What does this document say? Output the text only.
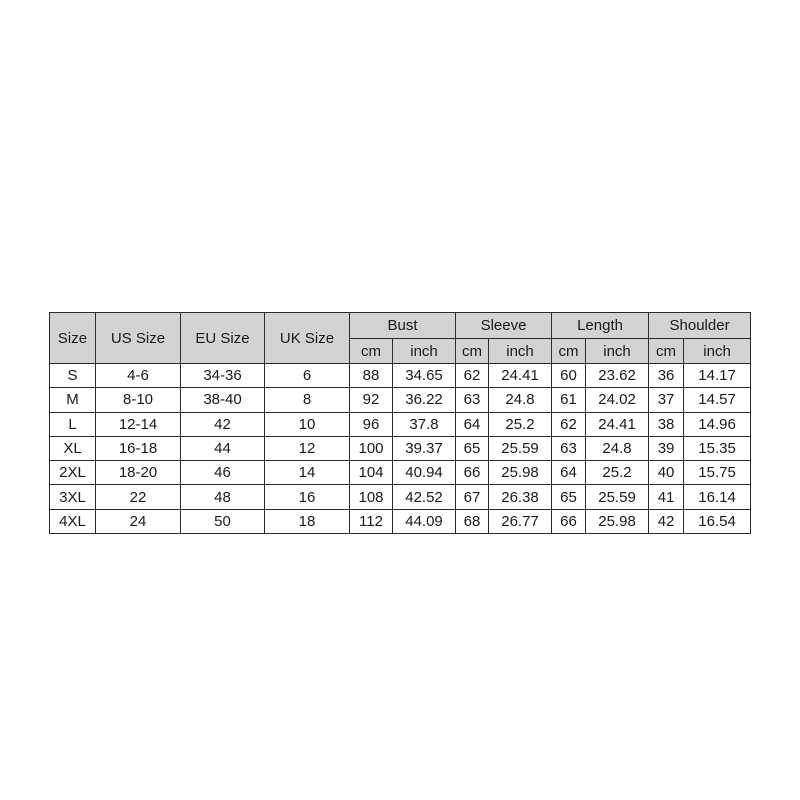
Size	US Size	EU Size	UK Size	Bust		Sleeve		Length		Shoulder	
				cm	inch	cm	inch	cm	inch	cm	inch
S	4-6	34-36	6	88	34.65	62	24.41	60	23.62	36	14.17
M	8-10	38-40	8	92	36.22	63	24.8	61	24.02	37	14.57
L	12-14	42	10	96	37.8	64	25.2	62	24.41	38	14.96
XL	16-18	44	12	100	39.37	65	25.59	63	24.8	39	15.35
2XL	18-20	46	14	104	40.94	66	25.98	64	25.2	40	15.75
3XL	22	48	16	108	42.52	67	26.38	65	25.59	41	16.14
4XL	24	50	18	112	44.09	68	26.77	66	25.98	42	16.54
